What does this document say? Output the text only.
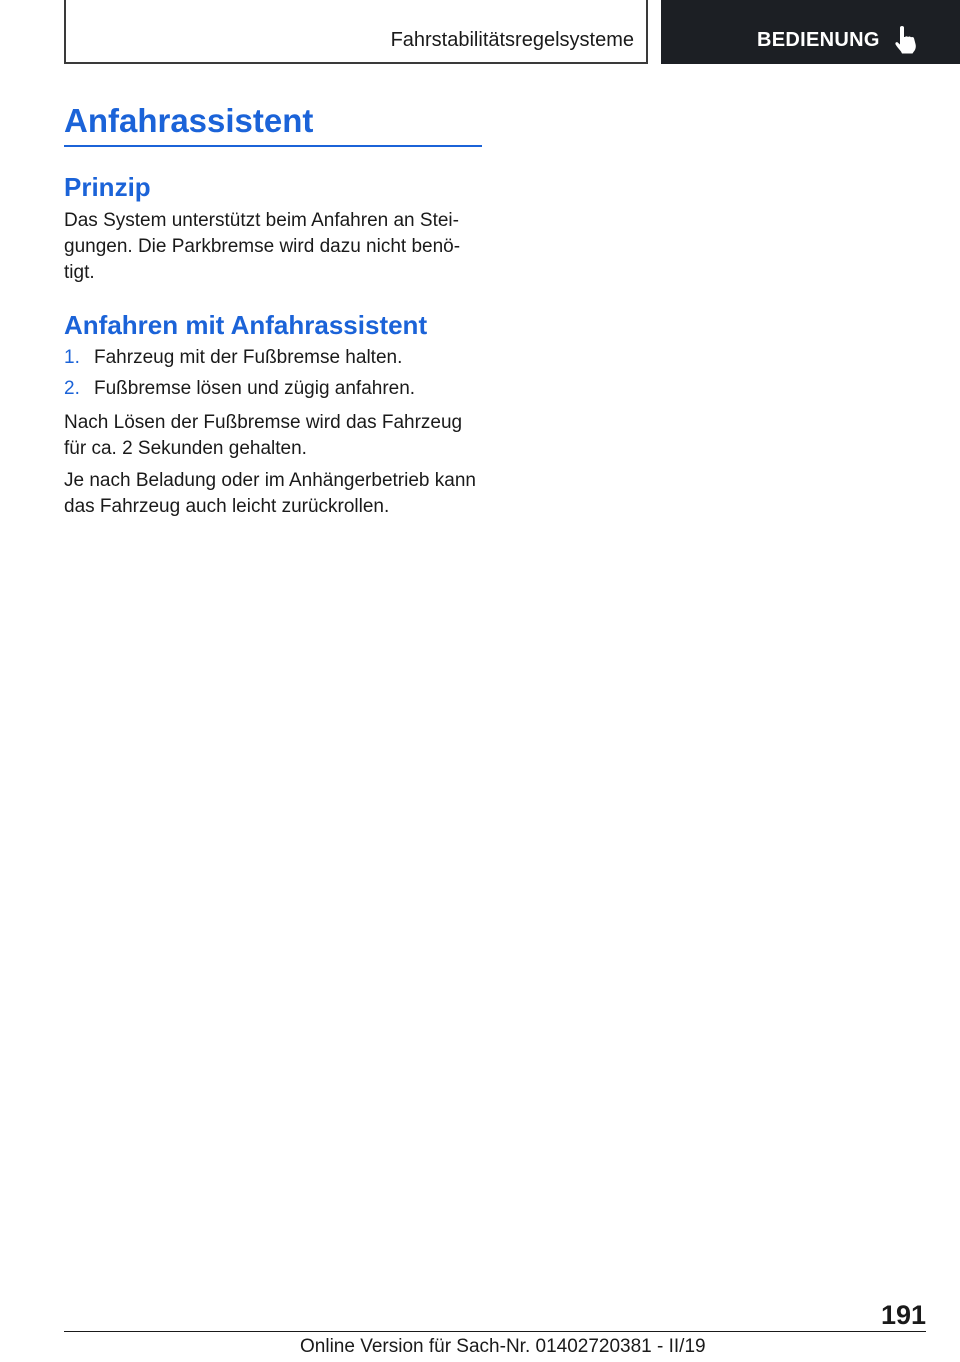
Fahrstabilitätsregelsysteme	BEDIENUNG
Anfahrassistent
Prinzip

Das System unterstützt beim Anfahren an Stei-
gungen. Die Parkbremse wird dazu nicht benö-
tigt.

Anfahren mit Anfahrassistent
1. Fahrzeug mit der Fußbremse halten.
2. Fußbremse lösen und zügig anfahren.

Nach Lösen der Fußbremse wird das Fahrzeug
für ca. 2 Sekunden gehalten.

Je nach Beladung oder im Anhängerbetrieb kann
das Fahrzeug auch leicht zurückrollen.

191
Online Version für Sach-Nr. 01402720381 - II/19
